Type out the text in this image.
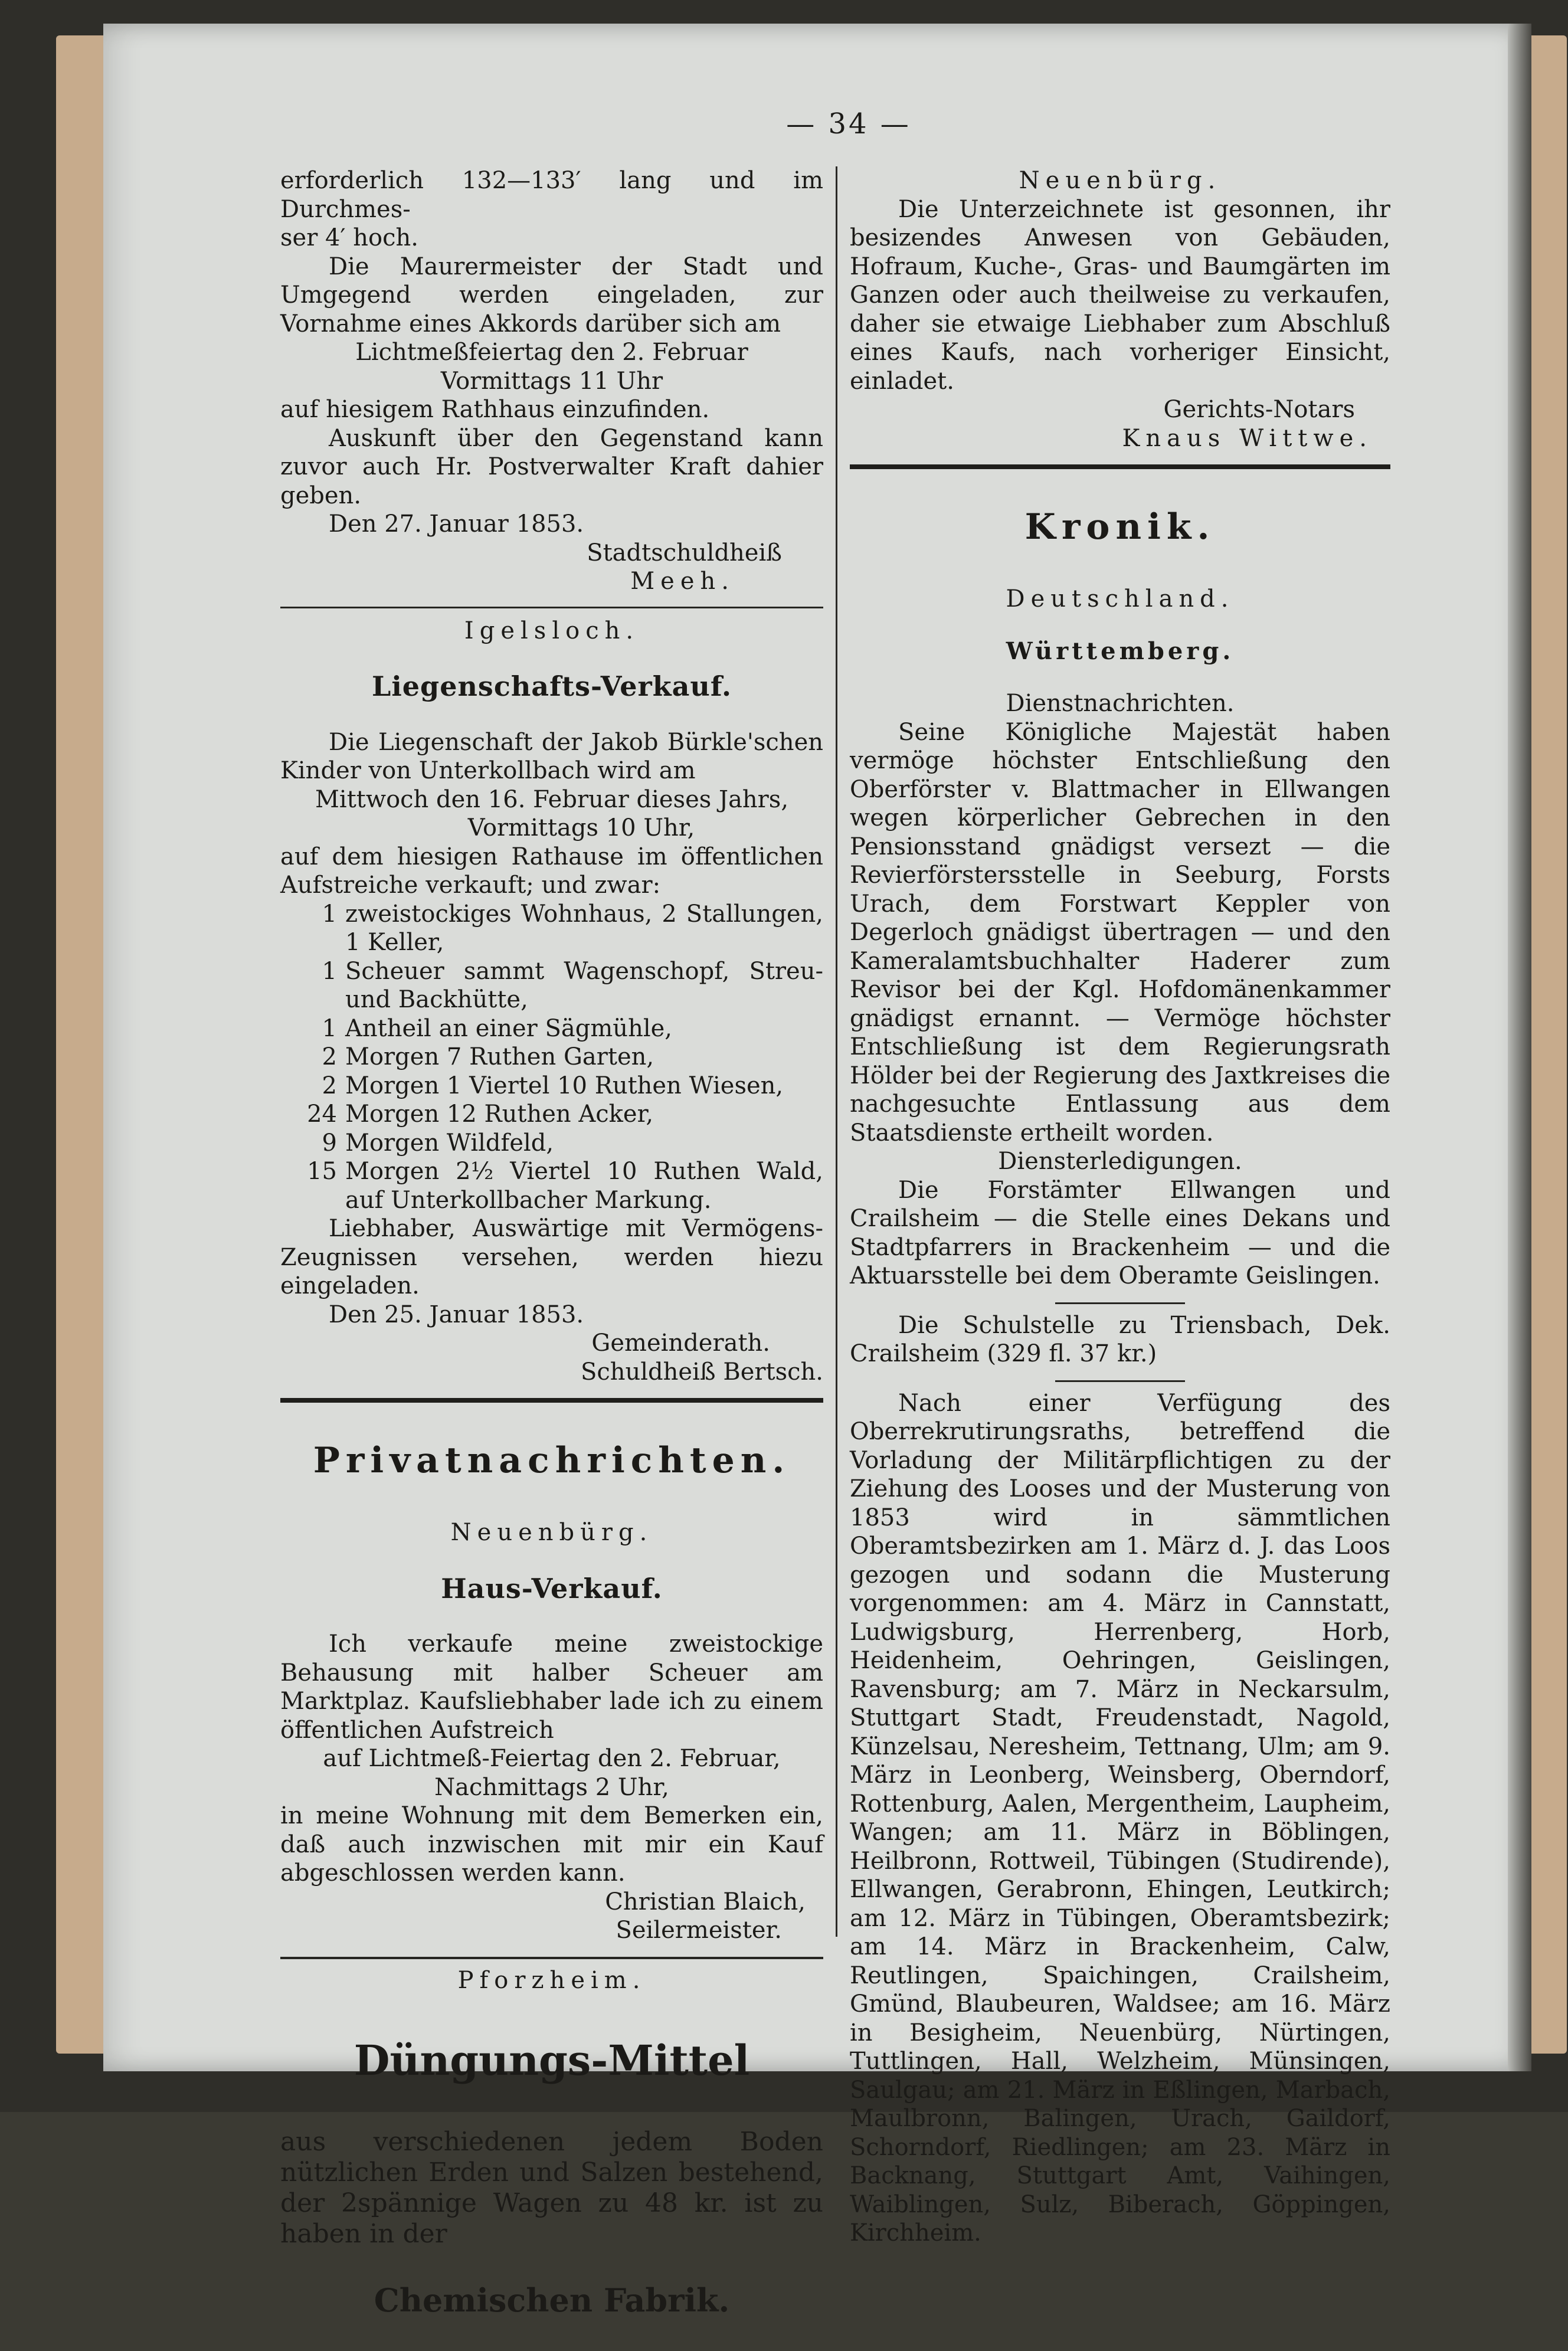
— 34 —

erforderlich 132—133′ lang und im Durchmes-

ser 4′ hoch.

Die Maurermeister der Stadt und Umgegend werden eingeladen, zur Vornahme eines Akkords darüber sich am

Lichtmeßfeiertag den 2. Februar

Vormittags 11 Uhr

auf hiesigem Rathhaus einzufinden.

Auskunft über den Gegenstand kann zuvor auch Hr. Postverwalter Kraft dahier geben.

Den 27. Januar 1853.

Stadtschuldheiß

Meeh.

Igelsloch.

Liegenschafts-Verkauf.

Die Liegenschaft der Jakob Bürkle'schen Kinder von Unterkollbach wird am

Mittwoch den 16. Februar dieses Jahrs,

Vormittags 10 Uhr,

auf dem hiesigen Rathause im öffentlichen Aufstreiche verkauft; und zwar:

1 zweistockiges Wohnhaus, 2 Stallungen, 1 Keller,
1 Scheuer sammt Wagenschopf, Streu- und Backhütte,
1 Antheil an einer Sägmühle,
2 Morgen 7 Ruthen Garten,
2 Morgen 1 Viertel 10 Ruthen Wiesen,
24 Morgen 12 Ruthen Acker,
9 Morgen Wildfeld,
15 Morgen 2½ Viertel 10 Ruthen Wald, auf Unterkollbacher Markung.

Liebhaber, Auswärtige mit Vermögens-Zeugnissen versehen, werden hiezu eingeladen.

Den 25. Januar 1853.

Gemeinderath.

Schuldheiß Bertsch.

Privatnachrichten.

Neuenbürg.

Haus-Verkauf.

Ich verkaufe meine zweistockige Behausung mit halber Scheuer am Marktplaz. Kaufsliebhaber lade ich zu einem öffentlichen Aufstreich

auf Lichtmeß-Feiertag den 2. Februar,

Nachmittags 2 Uhr,

in meine Wohnung mit dem Bemerken ein, daß auch inzwischen mit mir ein Kauf abgeschlossen werden kann.

Christian Blaich,

Seilermeister.

Pforzheim.

Düngungs-Mittel

aus verschiedenen jedem Boden nützlichen Erden und Salzen bestehend, der 2spännige Wagen zu 48 kr. ist zu haben in der

Chemischen Fabrik.

Neuenbürg.

Die Unterzeichnete ist gesonnen, ihr besizendes Anwesen von Gebäuden, Hofraum, Kuche-, Gras- und Baumgärten im Ganzen oder auch theilweise zu verkaufen, daher sie etwaige Liebhaber zum Abschluß eines Kaufs, nach vorheriger Einsicht, einladet.

Gerichts-Notars

Knaus Wittwe.

Kronik.

Deutschland.

Württemberg.

Dienstnachrichten.

Seine Königliche Majestät haben vermöge höchster Entschließung den Oberförster v. Blattmacher in Ellwangen wegen körperlicher Gebrechen in den Pensionsstand gnädigst versezt — die Revierförstersstelle in Seeburg, Forsts Urach, dem Forstwart Keppler von Degerloch gnädigst übertragen — und den Kameralamtsbuchhalter Haderer zum Revisor bei der Kgl. Hofdomänenkammer gnädigst ernannt. — Vermöge höchster Entschließung ist dem Regierungsrath Hölder bei der Regierung des Jaxtkreises die nachgesuchte Entlassung aus dem Staatsdienste ertheilt worden.

Diensterledigungen.

Die Forstämter Ellwangen und Crailsheim — die Stelle eines Dekans und Stadtpfarrers in Brackenheim — und die Aktuarsstelle bei dem Oberamte Geislingen.

Die Schulstelle zu Triensbach, Dek. Crailsheim (329 fl. 37 kr.)

Nach einer Verfügung des Oberrekrutirungsraths, betreffend die Vorladung der Militärpflichtigen zu der Ziehung des Looses und der Musterung von 1853 wird in sämmtlichen Oberamtsbezirken am 1. März d. J. das Loos gezogen und sodann die Musterung vorgenommen: am 4. März in Cannstatt, Ludwigsburg, Herrenberg, Horb, Heidenheim, Oehringen, Geislingen, Ravensburg; am 7. März in Neckarsulm, Stuttgart Stadt, Freudenstadt, Nagold, Künzelsau, Neresheim, Tettnang, Ulm; am 9. März in Leonberg, Weinsberg, Oberndorf, Rottenburg, Aalen, Mergentheim, Laupheim, Wangen; am 11. März in Böblingen, Heilbronn, Rottweil, Tübingen (Studirende), Ellwangen, Gerabronn, Ehingen, Leutkirch; am 12. März in Tübingen, Oberamtsbezirk; am 14. März in Brackenheim, Calw, Reutlingen, Spaichingen, Crailsheim, Gmünd, Blaubeuren, Waldsee; am 16. März in Besigheim, Neuenbürg, Nürtingen, Tuttlingen, Hall, Welzheim, Münsingen, Saulgau; am 21. März in Eßlingen, Marbach, Maulbronn, Balingen, Urach, Gaildorf, Schorndorf, Riedlingen; am 23. März in Backnang, Stuttgart Amt, Vaihingen, Waiblingen, Sulz, Biberach, Göppingen, Kirchheim.
